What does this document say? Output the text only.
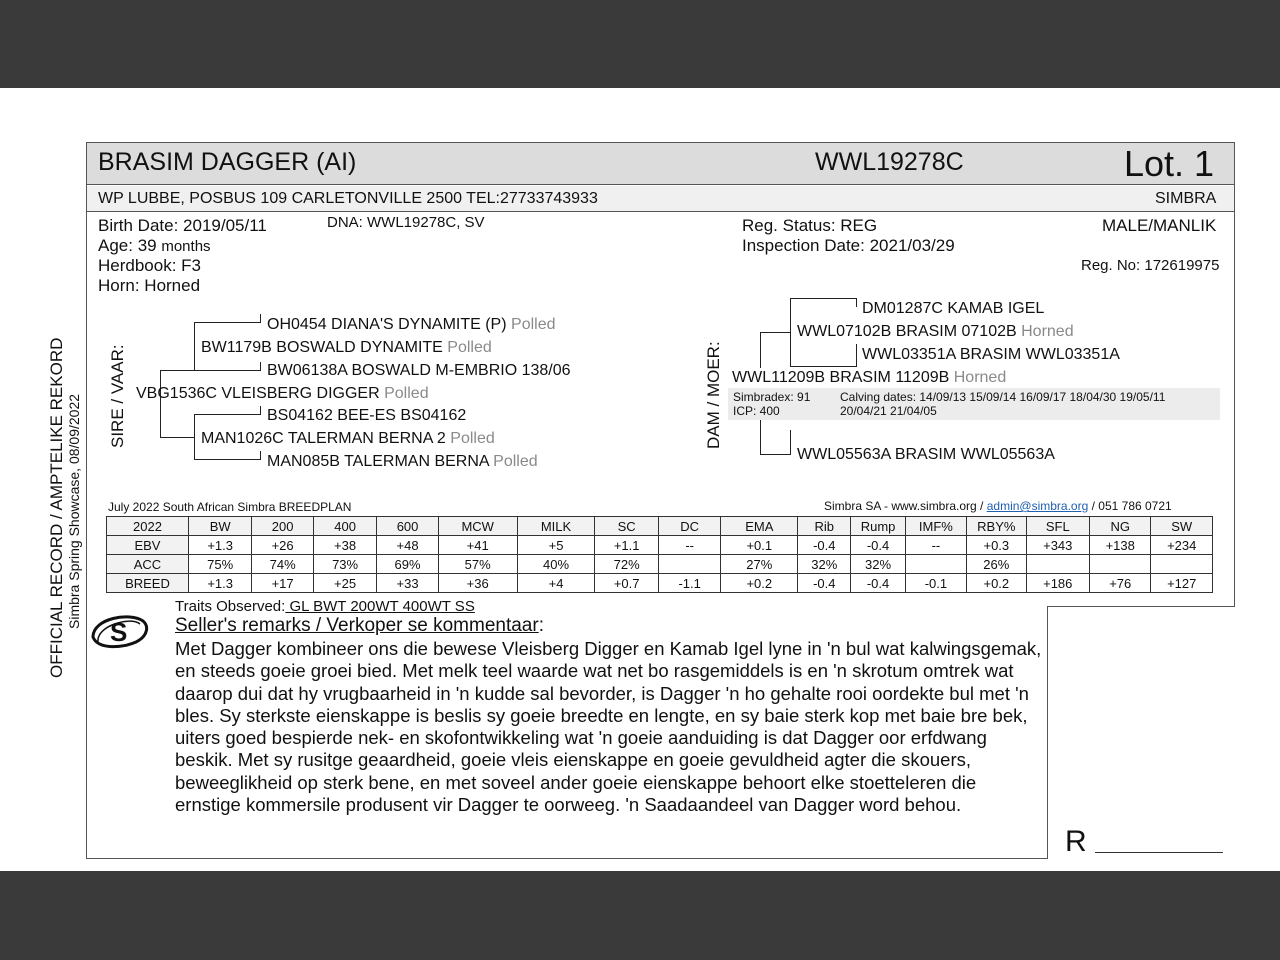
BRASIM DAGGER (AI)	WWL19278C	Lot. 1
WP LUBBE, POSBUS 109 CARLETONVILLE 2500 TEL:27733743933	SIMBRA
Birth Date: 2019/05/11	DNA: WWL19278C, SV
Age: 39 months
Herdbook: F3
Horn: Horned
Reg. Status: REG
Inspection Date: 2021/03/29
MALE/MANLIK
Reg. No: 172619975
OFFICIAL RECORD / AMPTELIKE REKORD Simbra Spring Showcase, 08/09/2022 SIRE / VAAR:	DAM / MOER:
OH0454 DIANA'S DYNAMITE (P) Polled
BW1179B BOSWALD DYNAMITE Polled
BW06138A BOSWALD M-EMBRIO 138/06
VBG1536C VLEISBERG DIGGER Polled
BS04162 BEE-ES BS04162
MAN1026C TALERMAN BERNA 2 Polled
MAN085B TALERMAN BERNA Polled
DM01287C KAMAB IGEL
WWL07102B BRASIM 07102B Horned
WWL03351A BRASIM WWL03351A
WWL11209B BRASIM 11209B Horned
Simbradex: 91
ICP: 400
Calving dates: 14/09/13 15/09/14 16/09/17 18/04/30 19/05/11
20/04/21 21/04/05
WWL05563A BRASIM WWL05563A
July 2022 South African Simbra BREEDPLAN	Simbra SA - www.simbra.org / admin@simbra.org / 051 786 0721
2022	BW	200	400	600	MCW	MILK	SC	DC	EMA	Rib	Rump	IMF%	RBY%	SFL	NG	SW
EBV	+1.3	+26	+38	+48	+41	+5	+1.1	--	+0.1	-0.4	-0.4	--	+0.3	+343	+138	+234
ACC	75%	74%	73%	69%	57%	40%	72%		27%	32%	32%		26%			
BREED	+1.3	+17	+25	+33	+36	+4	+0.7	-1.1	+0.2	-0.4	-0.4	-0.1	+0.2	+186	+76	+127
S
Traits Observed: GL BWT 200WT 400WT SS
Seller's remarks / Verkoper se kommentaar:
Met Dagger kombineer ons die bewese Vleisberg Digger en Kamab Igel lyne in 'n bul wat kalwingsgemak, en steeds goeie groei bied. Met melk teel waarde wat net bo rasgemiddels is en 'n skrotum omtrek wat daarop dui dat hy vrugbaarheid in 'n kudde sal bevorder, is Dagger 'n ho gehalte rooi oordekte bul met 'n bles. Sy sterkste eienskappe is beslis sy goeie breedte en lengte, en sy baie sterk kop met baie bre bek, uiters goed bespierde nek- en skofontwikkeling wat 'n goeie aanduiding is dat Dagger oor erfdwang beskik. Met sy rusitge geaardheid, goeie vleis eienskappe en goeie gevuldheid agter die skouers, beweeglikheid op sterk bene, en met soveel ander goeie eienskappe behoort elke stoetteleren die ernstige kommersile produsent vir Dagger te oorweeg. 'n Saadaandeel van Dagger word behou.
R
